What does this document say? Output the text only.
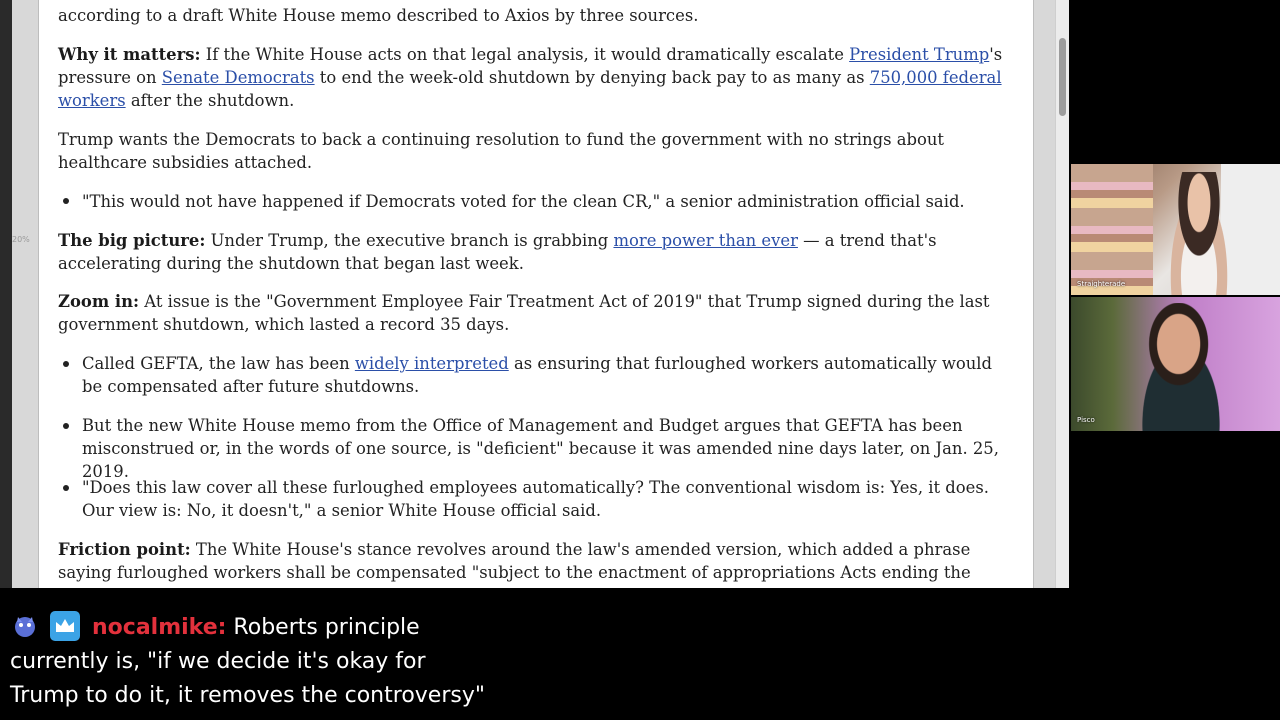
20%
according to a draft White House memo described to Axios by three sources.

Why it matters: If the White House acts on that legal analysis, it would dramatically escalate President Trump's pressure on Senate Democrats to end the week-old shutdown by denying back pay to as many as 750,000 federal workers after the shutdown.

Trump wants the Democrats to back a continuing resolution to fund the government with no strings about healthcare subsidies attached.

"This would not have happened if Democrats voted for the clean CR," a senior administration official said.

The big picture: Under Trump, the executive branch is grabbing more power than ever — a trend that's accelerating during the shutdown that began last week.

Zoom in: At issue is the "Government Employee Fair Treatment Act of 2019" that Trump signed during the last government shutdown, which lasted a record 35 days.

Called GEFTA, the law has been widely interpreted as ensuring that furloughed workers automatically would be compensated after future shutdowns.
But the new White House memo from the Office of Management and Budget argues that GEFTA has been misconstrued or, in the words of one source, is "deficient" because it was amended nine days later, on Jan. 25, 2019.
"Does this law cover all these furloughed employees automatically? The conventional wisdom is: Yes, it does. Our view is: No, it doesn't," a senior White House official said.

Friction point: The White House's stance revolves around the law's amended version, which added a phrase saying furloughed workers shall be compensated "subject to the enactment of appropriations Acts ending the

Straighterade
Pisco
nocalmike: Roberts principle
currently is, "if we decide it's okay for
Trump to do it, it removes the controversy"
